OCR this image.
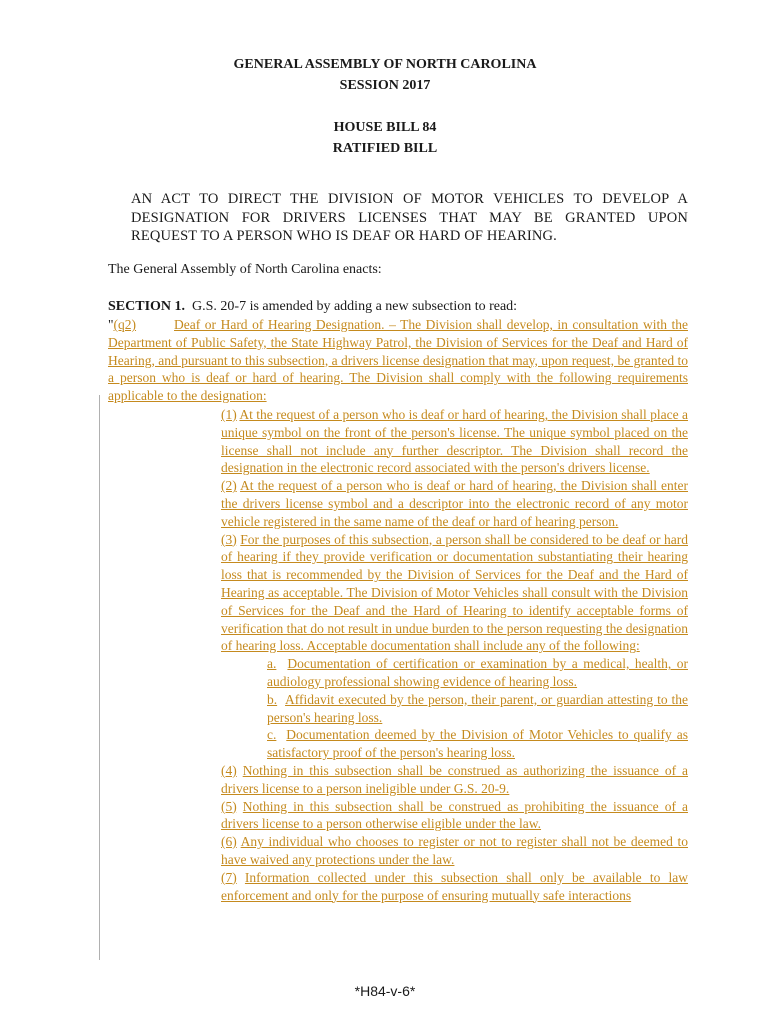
GENERAL ASSEMBLY OF NORTH CAROLINA
SESSION 2017
HOUSE BILL 84
RATIFIED BILL
AN ACT TO DIRECT THE DIVISION OF MOTOR VEHICLES TO DEVELOP A DESIGNATION FOR DRIVERS LICENSES THAT MAY BE GRANTED UPON REQUEST TO A PERSON WHO IS DEAF OR HARD OF HEARING.
The General Assembly of North Carolina enacts:
SECTION 1. G.S. 20-7 is amended by adding a new subsection to read:
"(q2)	Deaf or Hard of Hearing Designation. – The Division shall develop, in consultation with the Department of Public Safety, the State Highway Patrol, the Division of Services for the Deaf and Hard of Hearing, and pursuant to this subsection, a drivers license designation that may, upon request, be granted to a person who is deaf or hard of hearing. The Division shall comply with the following requirements applicable to the designation:

(1) At the request of a person who is deaf or hard of hearing, the Division shall place a unique symbol on the front of the person's license. The unique symbol placed on the license shall not include any further descriptor. The Division shall record the designation in the electronic record associated with the person's drivers license.

(2) At the request of a person who is deaf or hard of hearing, the Division shall enter the drivers license symbol and a descriptor into the electronic record of any motor vehicle registered in the same name of the deaf or hard of hearing person.

(3) For the purposes of this subsection, a person shall be considered to be deaf or hard of hearing if they provide verification or documentation substantiating their hearing loss that is recommended by the Division of Services for the Deaf and the Hard of Hearing as acceptable. The Division of Motor Vehicles shall consult with the Division of Services for the Deaf and the Hard of Hearing to identify acceptable forms of verification that do not result in undue burden to the person requesting the designation of hearing loss. Acceptable documentation shall include any of the following:

a. Documentation of certification or examination by a medical, health, or audiology professional showing evidence of hearing loss.

b. Affidavit executed by the person, their parent, or guardian attesting to the person's hearing loss.

c. Documentation deemed by the Division of Motor Vehicles to qualify as satisfactory proof of the person's hearing loss.

(4) Nothing in this subsection shall be construed as authorizing the issuance of a drivers license to a person ineligible under G.S. 20-9.

(5) Nothing in this subsection shall be construed as prohibiting the issuance of a drivers license to a person otherwise eligible under the law.

(6) Any individual who chooses to register or not to register shall not be deemed to have waived any protections under the law.

(7) Information collected under this subsection shall only be available to law enforcement and only for the purpose of ensuring mutually safe interactions

*H84-v-6*
